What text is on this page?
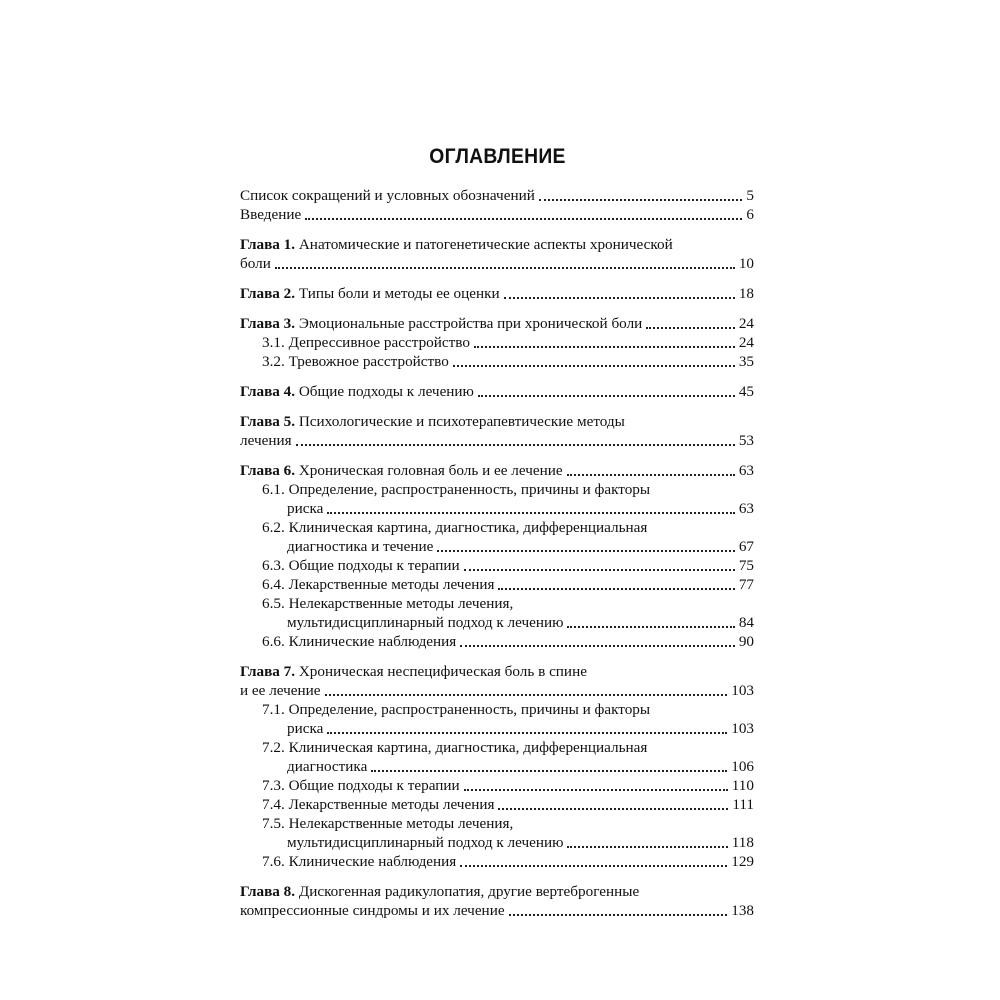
ОГЛАВЛЕНИЕ
Список сокращений и условных обозначений	5
Введение	6
Глава 1. Анатомические и патогенетические аспекты хронической
боли	10
Глава 2. Типы боли и методы ее оценки	18
Глава 3. Эмоциональные расстройства при хронической боли	24
3.1. Депрессивное расстройство	24
3.2. Тревожное расстройство	35
Глава 4. Общие подходы к лечению	45
Глава 5. Психологические и психотерапевтические методы
лечения	53
Глава 6. Хроническая головная боль и ее лечение	63
6.1. Определение, распространенность, причины и факторы
риска	63
6.2. Клиническая картина, диагностика, дифференциальная
диагностика и течение	67
6.3. Общие подходы к терапии	75
6.4. Лекарственные методы лечения	77
6.5. Нелекарственные методы лечения,
мультидисциплинарный подход к лечению	84
6.6. Клинические наблюдения	90
Глава 7. Хроническая неспецифическая боль в спине
и ее лечение	103
7.1. Определение, распространенность, причины и факторы
риска	103
7.2. Клиническая картина, диагностика, дифференциальная
диагностика	106
7.3. Общие подходы к терапии	110
7.4. Лекарственные методы лечения	111
7.5. Нелекарственные методы лечения,
мультидисциплинарный подход к лечению	118
7.6. Клинические наблюдения	129
Глава 8. Дискогенная радикулопатия, другие вертеброгенные
компрессионные синдромы и их лечение	138
